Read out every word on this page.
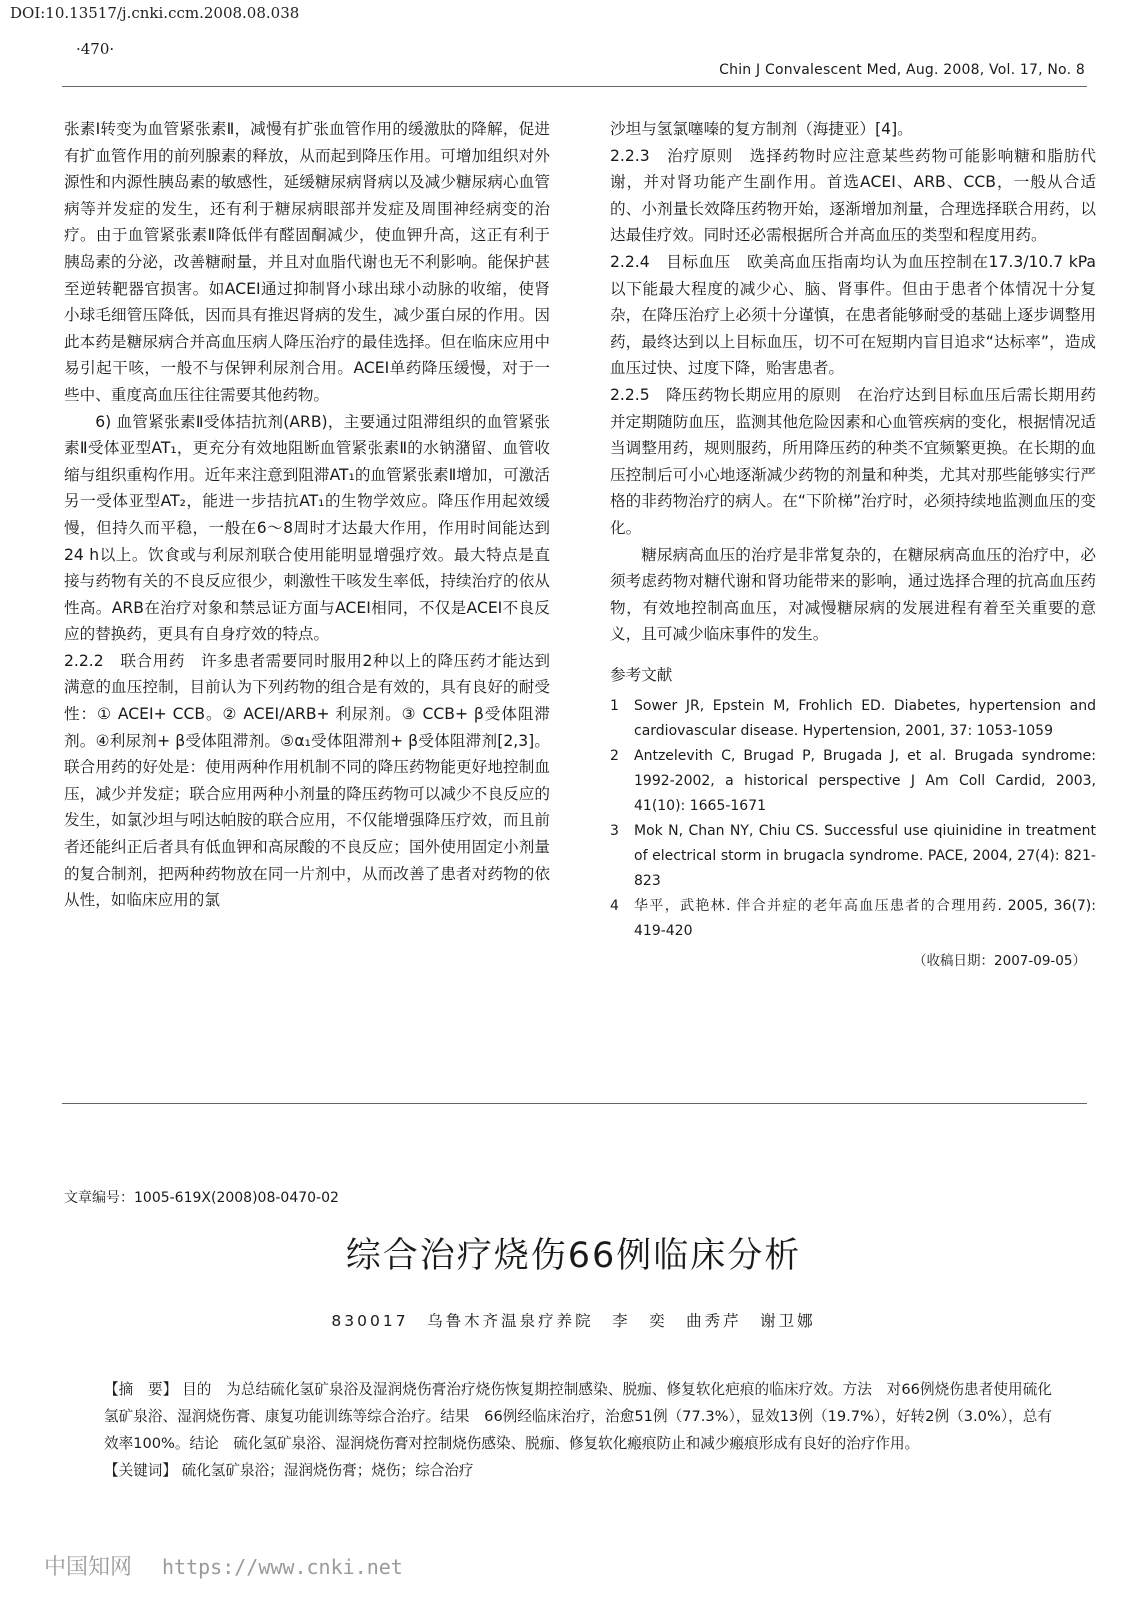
DOI:10.13517/j.cnki.ccm.2008.08.038
·470·
Chin J Convalescent Med, Aug. 2008, Vol. 17, No. 8

张素Ⅰ转变为血管紧张素Ⅱ，减慢有扩张血管作用的缓激肽的降解，促进有扩血管作用的前列腺素的释放，从而起到降压作用。可增加组织对外源性和内源性胰岛素的敏感性，延缓糖尿病肾病以及减少糖尿病心血管病等并发症的发生，还有利于糖尿病眼部并发症及周围神经病变的治疗。由于血管紧张素Ⅱ降低伴有醛固酮减少，使血钾升高，这正有利于胰岛素的分泌，改善糖耐量，并且对血脂代谢也无不利影响。能保护甚至逆转靶器官损害。如ACEI通过抑制肾小球出球小动脉的收缩，使肾小球毛细管压降低，因而具有推迟肾病的发生，减少蛋白尿的作用。因此本药是糖尿病合并高血压病人降压治疗的最佳选择。但在临床应用中易引起干咳，一般不与保钾利尿剂合用。ACEI单药降压缓慢，对于一些中、重度高血压往往需要其他药物。

6) 血管紧张素Ⅱ受体拮抗剂(ARB)，主要通过阻滞组织的血管紧张素Ⅱ受体亚型AT₁，更充分有效地阻断血管紧张素Ⅱ的水钠潴留、血管收缩与组织重构作用。近年来注意到阻滞AT₁的血管紧张素Ⅱ增加，可激活另一受体亚型AT₂，能进一步拮抗AT₁的生物学效应。降压作用起效缓慢，但持久而平稳，一般在6～8周时才达最大作用，作用时间能达到24 h以上。饮食或与利尿剂联合使用能明显增强疗效。最大特点是直接与药物有关的不良反应很少，刺激性干咳发生率低，持续治疗的依从性高。ARB在治疗对象和禁忌证方面与ACEI相同，不仅是ACEI不良反应的替换药，更具有自身疗效的特点。

2.2.2　联合用药　许多患者需要同时服用2种以上的降压药才能达到满意的血压控制，目前认为下列药物的组合是有效的，具有良好的耐受性：① ACEI+ CCB。② ACEI/ARB+ 利尿剂。③ CCB+ β受体阻滞剂。④利尿剂+ β受体阻滞剂。⑤α₁受体阻滞剂+ β受体阻滞剂[2,3]。联合用药的好处是：使用两种作用机制不同的降压药物能更好地控制血压，减少并发症；联合应用两种小剂量的降压药物可以减少不良反应的发生，如氯沙坦与吲达帕胺的联合应用，不仅能增强降压疗效，而且前者还能纠正后者具有低血钾和高尿酸的不良反应；国外使用固定小剂量的复合制剂，把两种药物放在同一片剂中，从而改善了患者对药物的依从性，如临床应用的氯

沙坦与氢氯噻嗪的复方制剂（海捷亚）[4]。

2.2.3　治疗原则　选择药物时应注意某些药物可能影响糖和脂肪代谢，并对肾功能产生副作用。首选ACEI、ARB、CCB，一般从合适的、小剂量长效降压药物开始，逐渐增加剂量，合理选择联合用药，以达最佳疗效。同时还必需根据所合并高血压的类型和程度用药。

2.2.4　目标血压　欧美高血压指南均认为血压控制在17.3/10.7 kPa以下能最大程度的减少心、脑、肾事件。但由于患者个体情况十分复杂，在降压治疗上必须十分谨慎，在患者能够耐受的基础上逐步调整用药，最终达到以上目标血压，切不可在短期内盲目追求“达标率”，造成血压过快、过度下降，贻害患者。

2.2.5　降压药物长期应用的原则　在治疗达到目标血压后需长期用药并定期随防血压，监测其他危险因素和心血管疾病的变化，根据情况适当调整用药，规则服药，所用降压药的种类不宜频繁更换。在长期的血压控制后可小心地逐渐减少药物的剂量和种类，尤其对那些能够实行严格的非药物治疗的病人。在“下阶梯”治疗时，必须持续地监测血压的变化。

糖尿病高血压的治疗是非常复杂的，在糖尿病高血压的治疗中，必须考虑药物对糖代谢和肾功能带来的影响，通过选择合理的抗高血压药物，有效地控制高血压，对减慢糖尿病的发展进程有着至关重要的意义，且可减少临床事件的发生。

参考文献

1 Sower JR, Epstein M, Frohlich ED. Diabetes, hypertension and cardiovascular disease. Hypertension, 2001, 37: 1053-1059
2 Antzelevith C, Brugad P, Brugada J, et al. Brugada syndrome: 1992-2002, a historical perspective J Am Coll Cardid, 2003, 41(10): 1665-1671
3 Mok N, Chan NY, Chiu CS. Successful use qiuinidine in treatment of electrical storm in brugacla syndrome. PACE, 2004, 27(4): 821-823
4 华平，武艳林. 伴合并症的老年高血压患者的合理用药. 2005, 36(7): 419-420
（收稿日期：2007-09-05）
文章编号：1005-619X(2008)08-0470-02
综合治疗烧伤66例临床分析
830017　乌鲁木齐温泉疗养院　李　奕　曲秀芹　谢卫娜

【摘　要】 目的　为总结硫化氢矿泉浴及湿润烧伤膏治疗烧伤恢复期控制感染、脱痂、修复软化疤痕的临床疗效。方法　对66例烧伤患者使用硫化氢矿泉浴、湿润烧伤膏、康复功能训练等综合治疗。结果　66例经临床治疗，治愈51例（77.3%），显效13例（19.7%），好转2例（3.0%），总有效率100%。结论　硫化氢矿泉浴、湿润烧伤膏对控制烧伤感染、脱痂、修复软化瘢痕防止和减少瘢痕形成有良好的治疗作用。

【关键词】 硫化氢矿泉浴；湿润烧伤膏；烧伤；综合治疗

中国知网 https://www.cnki.net
